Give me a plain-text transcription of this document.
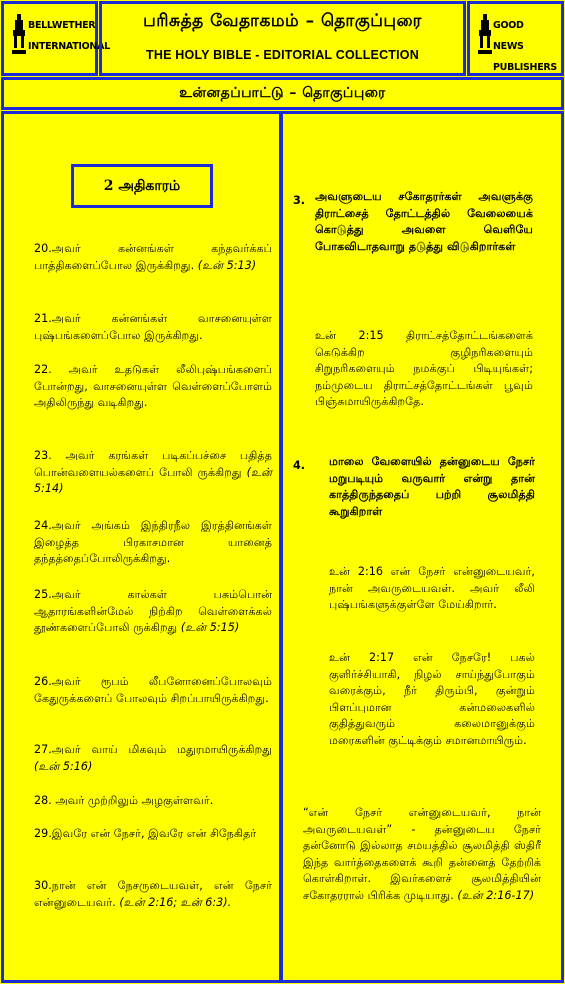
BELLWETHER
INTERNATIONAL
பரிசுத்த வேதாகமம் – தொகுப்புரை
THE HOLY BIBLE - EDITORIAL COLLECTION
GOOD NEWS
PUBLISHERS
உன்னதப்பாட்டு – தொகுப்புரை
2 அதிகாரம்
20.அவர் கன்னங்கள் கந்தவர்க்கப் பாத்திகளைப்போல இருக்கிறது. (உன் 5:13)
21.அவர் கன்னங்கள் வாசனையுள்ள புஷ்பங்களைப்போல இருக்கிறது.
22. அவர் உதடுகள் லீலிபுஷ்பங்களைப் போன்றது, வாசனையுள்ள வெள்ளைப்போளம் அதிலிருந்து வடிகிறது.
23. அவர் கரங்கள் படிகப்பச்சை பதித்த பொன்வளையல்களைப் போலி ருக்கிறது (உன் 5:14)
24.அவர் அங்கம் இந்திரநீல இரத்தினங்கள் இழைத்த பிரகாசமான யானைத் தந்தத்தைப்போலிருக்கிறது.
25.அவர் கால்கள் பசும்பொன் ஆதாரங்களின்மேல் நிற்கிற வெள்ளைக்கல் தூண்களைப்போலி ருக்கிறது (உன் 5:15)
26.அவர் ரூபம் லீபனோனைப்போலவும் கேதுருக்களைப் போலவும் சிறப்பாயிருக்கிறது.
27.அவர் வாய் மிகவும் மதுரமாயிருக்கிறது (உன் 5:16)
28. அவர் முற்றிலும் அழகுள்ளவர்.
29.இவரே என் நேசர், இவரே என் சிநேகிதர்
30.நான் என் நேசருடையவள், என் நேசர் என்னுடையவர். (உன் 2:16; உன் 6:3).
3. அவளுடைய சகோதரர்கள் அவளுக்கு திராட்சைத் தோட்டத்தில் வேலையைக் கொடுத்து அவளை வெளியே போகவிடாதவாறு தடுத்து விடுகிறார்கள்
உன் 2:15 திராட்சத்தோட்டங்களைக் கெடுக்கிற குழிநரிகளையும் சிறுநரிகளையும் நமக்குப் பிடியுங்கள்; நம்முடைய திராட்சத்தோட்டங்கள் பூவும் பிஞ்சுமாயிருக்கிறதே.
4. மாலை வேளையில் தன்னுடைய நேசர் மறுபடியும் வருவார் என்று தான் காத்திருந்ததைப் பற்றி சூலமித்தி கூறுகிறாள்
உன் 2:16 என் நேசர் என்னுடையவர், நான் அவருடையவள். அவர் லீலி புஷ்பங்களுக்குள்ளே மேய்கிறார்.
உன் 2:17 என் நேசரே! பகல் குளிர்ச்சியாகி, நிழல் சாய்ந்துபோகும் வரைக்கும், நீர் திரும்பி, குன்றும் பிளப்புமான கன்மலைகளில் குதித்துவரும் கலைமானுக்கும் மரைகளின் குட்டிக்கும் சமானமாயிரும்.
“என் நேசர் என்னுடையவர், நான் அவருடையவள்” - தன்னுடைய நேசர் தன்னோடு இல்லாத சமயத்தில் சூலமித்தி ஸ்திரீ இந்த வார்த்தைகளைக் கூறி தன்னைத் தேற்றிக் கொள்கிறாள். இவர்களைச் சூலமித்தியின் சகோதரரால் பிரிக்க முடியாது. (உன் 2:16-17)
